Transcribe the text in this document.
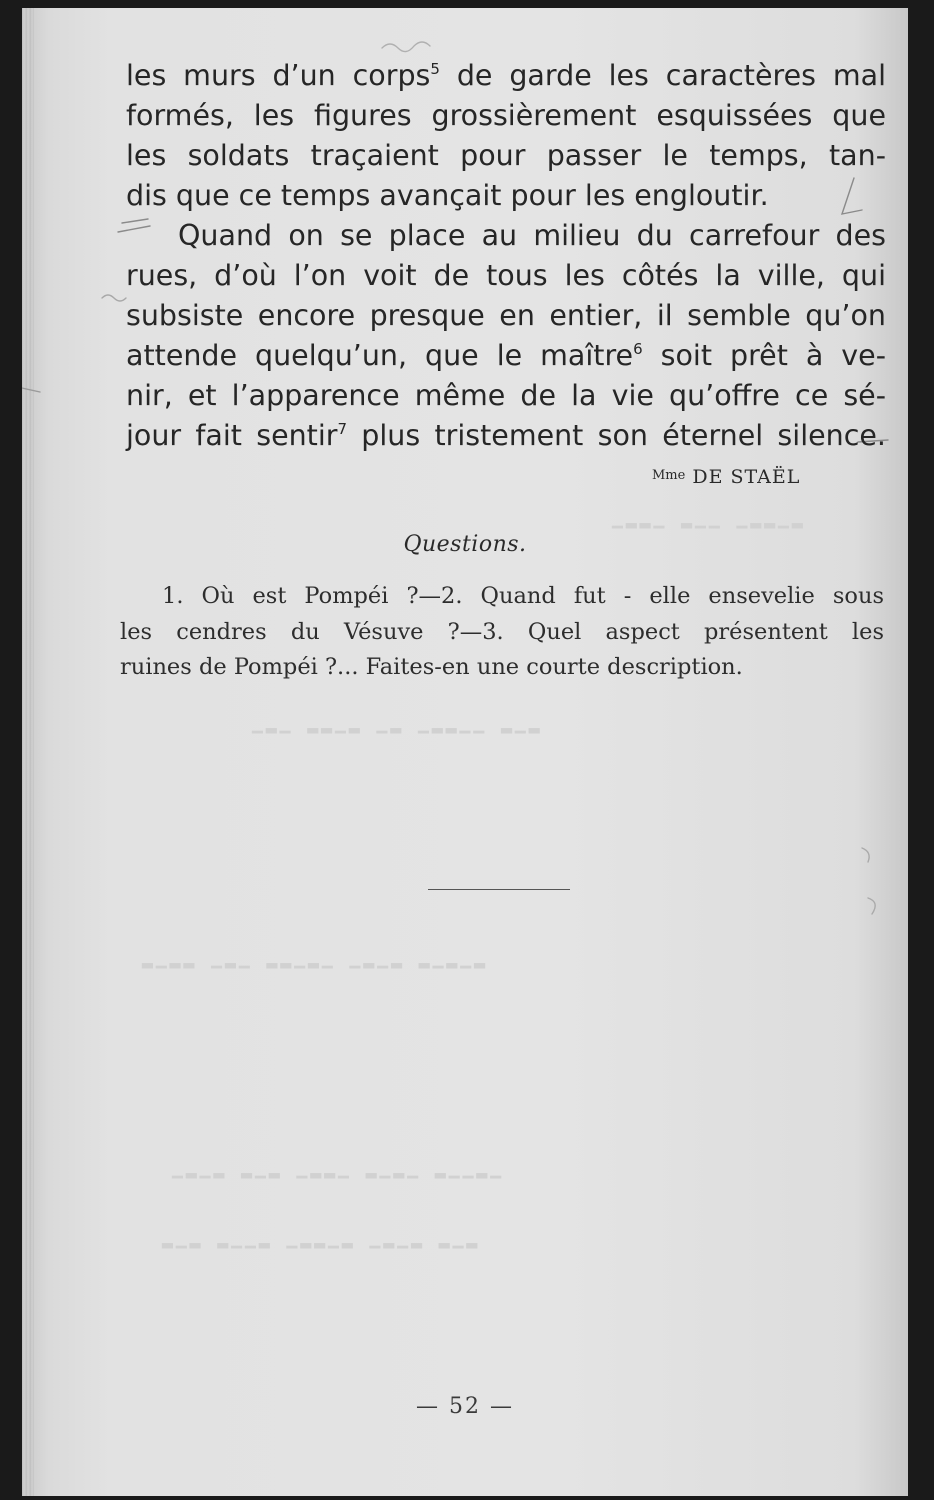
▁▂▂▁ ▂▁▁ ▁▂▂▁▂
▁▂▁ ▂▂▁▂ ▁▂ ▁▂▂▁▁ ▂▁▂
▂▁▂▂ ▁▂▁ ▂▂▁▂▁ ▁▂▁▂ ▂▁▂▁▂
▁▂▁▂ ▂▁▂ ▁▂▂▁ ▂▁▂▁ ▂▁▁▂▁
▂▁▂ ▂▁▁▂ ▁▂▂▁▂ ▁▂▁▂ ▂▁▂
les murs d’un corps$^5$ de garde les caractères mal
formés, les figures grossièrement esquissées que
les soldats traçaient pour passer le temps, tan-
dis que ce temps avançait pour les engloutir.
Quand on se place au milieu du carrefour des
rues, d’où l’on voit de tous les côtés la ville, qui
subsiste encore presque en entier, il semble qu’on
attende quelqu’un, que le maître$^6$ soit prêt à ve-
nir, et l’apparence même de la vie qu’offre ce sé-
jour fait sentir$^7$ plus tristement son éternel silence.
$^{Mme}$ DE STAËL
Questions.
1. Où est Pompéi ?—2. Quand fut - elle ensevelie sous
les cendres du Vésuve ?—3. Quel aspect présentent les
ruines de Pompéi ?... Faites-en une courte description.
— 52 —
